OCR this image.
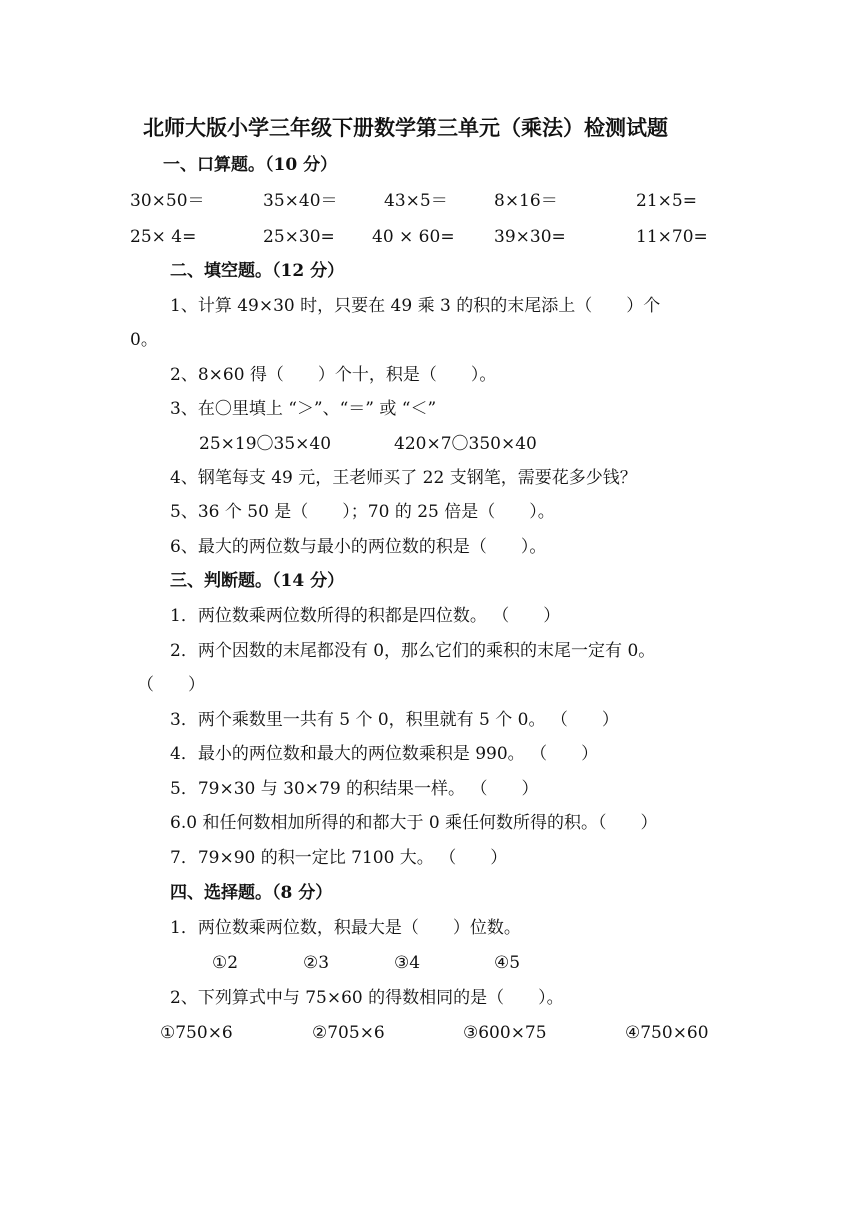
北师大版小学三年级下册数学第三单元（乘法）检测试题
一、口算题。（10 分）
30×50＝	35×40＝	43×5＝	8×16＝	21×5=
25× 4=	25×30= 40 × 60= 39×30=	11×70=
二、填空题。（12 分）
1、计算 49×30 时，只要在 49 乘 3 的积的末尾添上（　　）个
0。
2、8×60 得（　　）个十，积是（　　）。
3、在〇里填上 “＞”、“＝” 或 “＜”
25×19〇35×40	420×7〇350×40
4、钢笔每支 49 元，王老师买了 22 支钢笔，需要花多少钱？
5、36 个 50 是（　　）；70 的 25 倍是（　　）。
6、最大的两位数与最小的两位数的积是（　　）。
三、判断题。（14 分）
1．两位数乘两位数所得的积都是四位数。 （　　）
2．两个因数的末尾都没有 0，那么它们的乘积的末尾一定有 0。
（　　）
3．两个乘数里一共有 5 个 0，积里就有 5 个 0。 （　　）
4．最小的两位数和最大的两位数乘积是 990。 （　　）
5．79×30 与 30×79 的积结果一样。 （　　）
6.0 和任何数相加所得的和都大于 0 乘任何数所得的积。（　　）
7．79×90 的积一定比 7100 大。 （　　）
四、选择题。（8 分）
1．两位数乘两位数，积最大是（　　）位数。
①2	②3	③4	④5
2、下列算式中与 75×60 的得数相同的是（　　）。
①750×6	②705×6	③600×75	④750×60
